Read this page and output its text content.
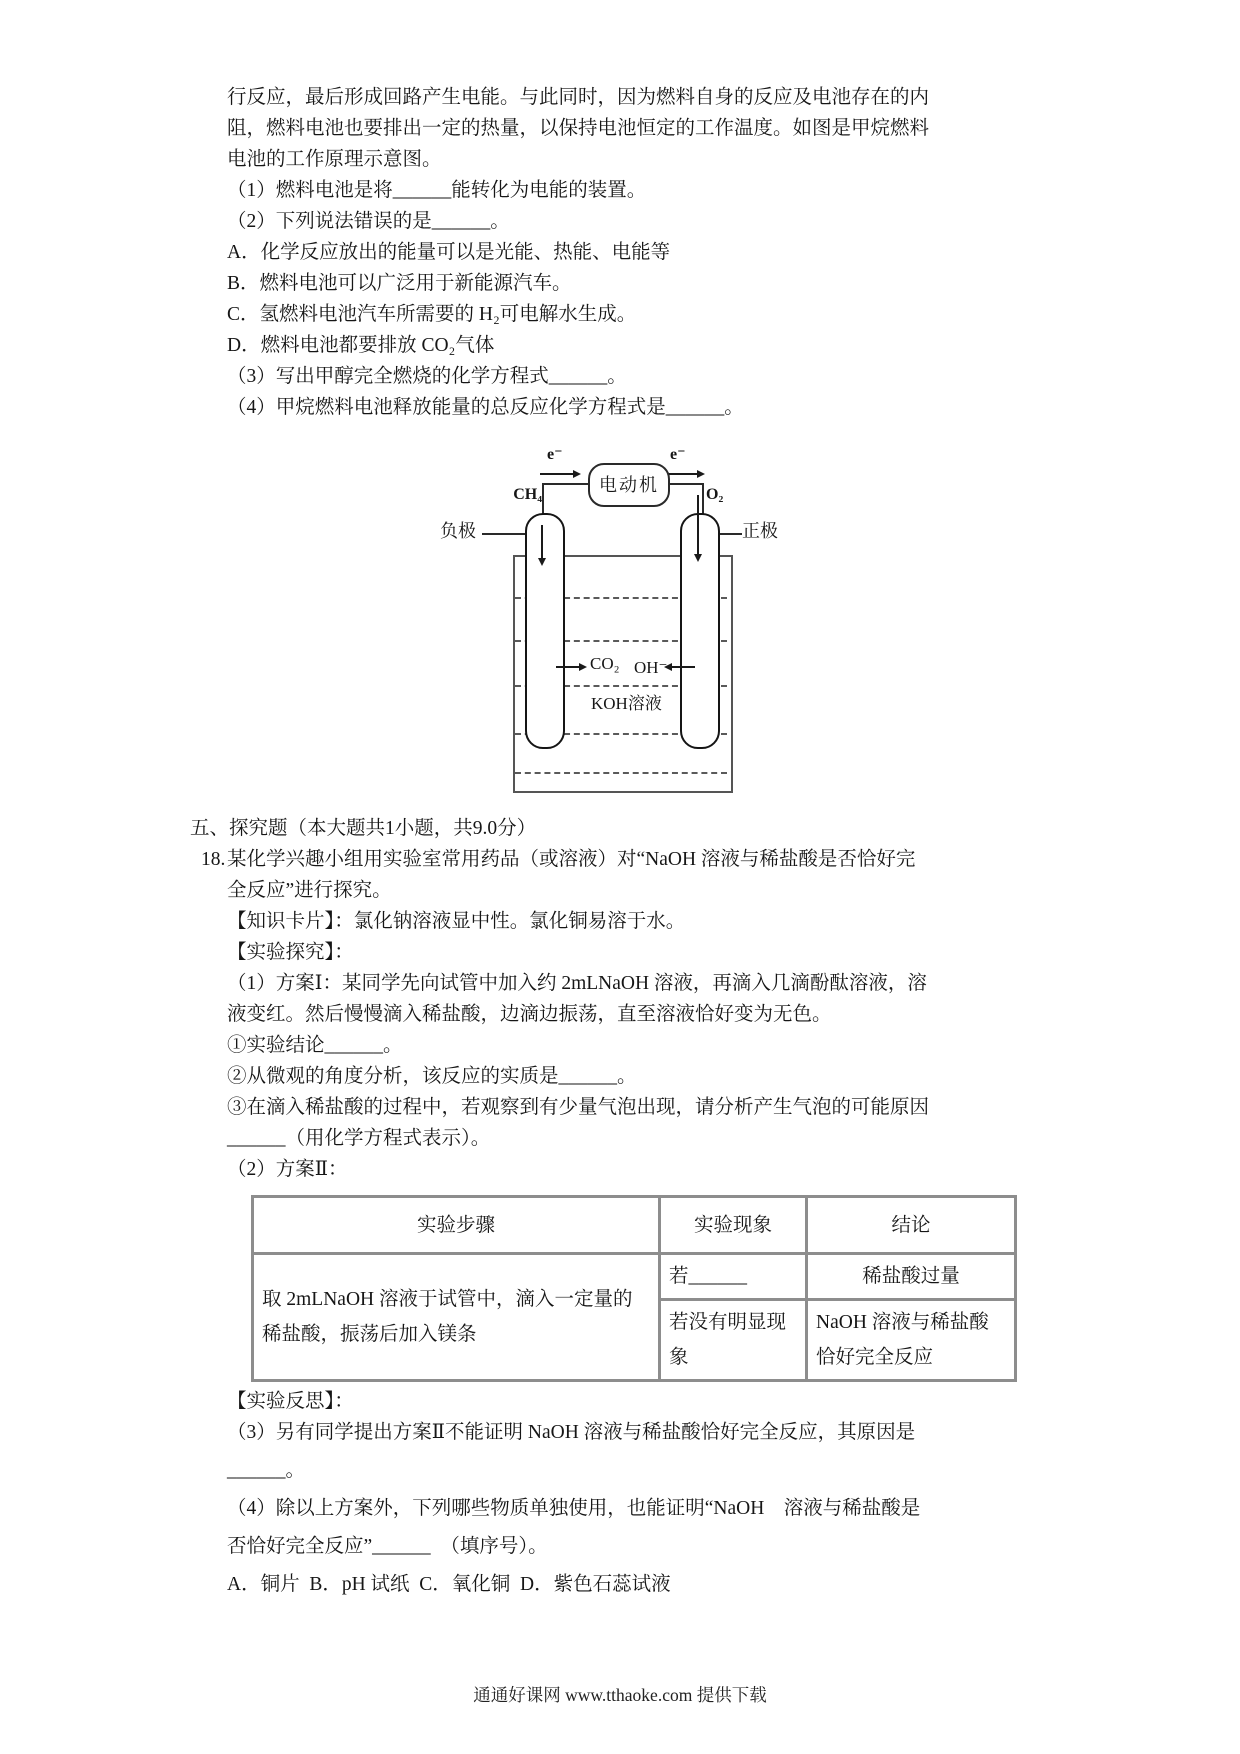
行反应，最后形成回路产生电能。与此同时，因为燃料自身的反应及电池存在的内
阻，燃料电池也要排出一定的热量，以保持电池恒定的工作温度。如图是甲烷燃料
电池的工作原理示意图。
（1）燃料电池是将______能转化为电能的装置。
（2）下列说法错误的是______。
A．化学反应放出的能量可以是光能、热能、电能等
B．燃料电池可以广泛用于新能源汽车。
C．氢燃料电池汽车所需要的 H₂可电解水生成。
D．燃料电池都要排放 CO₂气体
（3）写出甲醇完全燃烧的化学方程式______。
（4）甲烷燃料电池释放能量的总反应化学方程式是______。
e⁻	e⁻
电动机
CH₄	O₂
负极	正极
CO₂ OH⁻
KOH溶液
五、探究题（本大题共1小题，共9.0分）
18.某化学兴趣小组用实验室常用药品（或溶液）对“NaOH 溶液与稀盐酸是否恰好完
全反应”进行探究。
【知识卡片】：氯化钠溶液显中性。氯化铜易溶于水。
【实验探究】：
（1）方案Ⅰ：某同学先向试管中加入约 2mLNaOH 溶液，再滴入几滴酚酞溶液，溶
液变红。然后慢慢滴入稀盐酸，边滴边振荡，直至溶液恰好变为无色。
①实验结论______。
②从微观的角度分析，该反应的实质是______。
③在滴入稀盐酸的过程中，若观察到有少量气泡出现，请分析产生气泡的可能原因
______（用化学方程式表示）。
（2）方案Ⅱ：
实验步骤	实验现象	结论
取 2mLNaOH 溶液于试管中，滴入一定量的稀盐酸，振荡后加入镁条	若______	稀盐酸过量
	若没有明显现象	NaOH 溶液与稀盐酸恰好完全反应
【实验反思】：
（3）另有同学提出方案Ⅱ不能证明 NaOH 溶液与稀盐酸恰好完全反应，其原因是
______。
（4）除以上方案外，下列哪些物质单独使用，也能证明“NaOH　溶液与稀盐酸是
否恰好完全反应”______　（填序号）。
A．铜片  B．pH 试纸  C．氧化铜  D．紫色石蕊试液
通通好课网 www.tthaoke.com 提供下载
